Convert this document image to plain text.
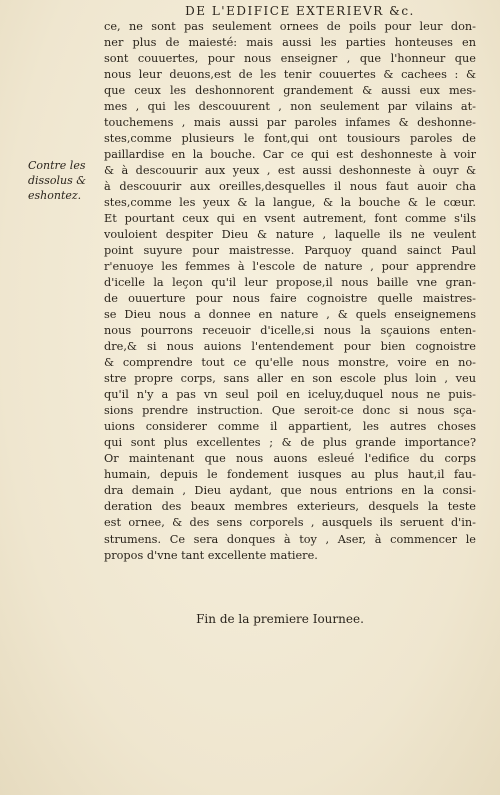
DE L'EDIFICE EXTERIEVR &c.
Contre les
dissolus &
eshontez.
ce, ne sont pas seulement ornees de poils pour leur don-
ner plus de maiesté: mais aussi les parties honteuses en
sont couuertes, pour nous enseigner , que l'honneur que
nous leur deuons,est de les tenir couuertes & cachees : &
que ceux les deshonnorent grandement & aussi eux mes-
mes , qui les descouurent , non seulement par vilains at-
touchemens , mais aussi par paroles infames & deshonne-
stes,comme plusieurs le font,qui ont tousiours paroles de
paillardise en la bouche. Car ce qui est deshonneste à voir
& à descouurir aux yeux , est aussi deshonneste à ouyr &
à descouurir aux oreilles,desquelles il nous faut auoir cha
stes,comme les yeux & la langue, & la bouche & le cœur.
Et pourtant ceux qui en vsent autrement, font comme s'ils
vouloient despiter Dieu & nature , laquelle ils ne veulent
point suyure pour maistresse. Parquoy quand sainct Paul
r'enuoye les femmes à l'escole de nature , pour apprendre
d'icelle la leçon qu'il leur propose,il nous baille vne gran-
de ouuerture pour nous faire cognoistre quelle maistres-
se Dieu nous a donnee en nature , & quels enseignemens
nous pourrons receuoir d'icelle,si nous la sçauions enten-
dre,& si nous auions l'entendement pour bien cognoistre
& comprendre tout ce qu'elle nous monstre, voire en no-
stre propre corps, sans aller en son escole plus loin , veu
qu'il n'y a pas vn seul poil en iceluy,duquel nous ne puis-
sions prendre instruction. Que seroit-ce donc si nous sça-
uions considerer comme il appartient, les autres choses
qui sont plus excellentes ; & de plus grande importance?
Or maintenant que nous auons esleué l'edifice du corps
humain, depuis le fondement iusques au plus haut,il fau-
dra demain , Dieu aydant, que nous entrions en la consi-
deration des beaux membres exterieurs, desquels la teste
est ornee, & des sens corporels , ausquels ils seruent d'in-
strumens. Ce sera donques à toy , Aser, à commencer le
propos d'vne tant excellente matiere.
Fin de la premiere Iournee.
